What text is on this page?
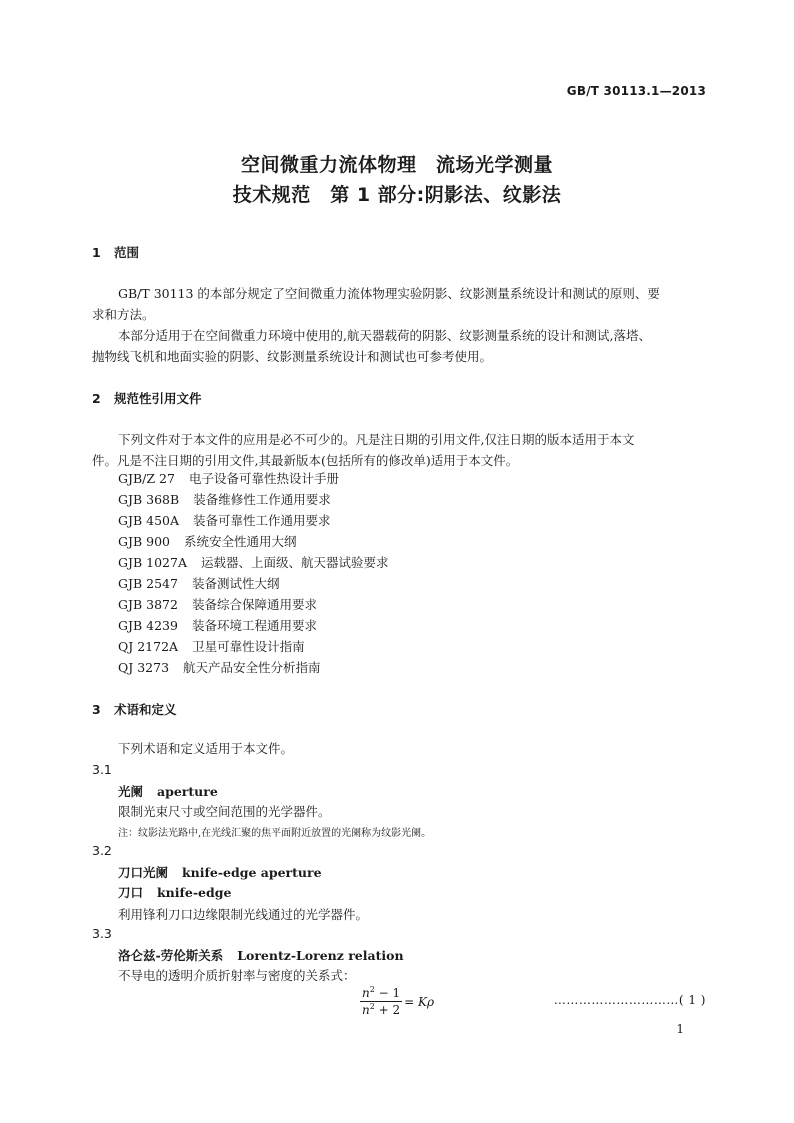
GB/T 30113.1—2013
空间微重力流体物理　流场光学测量
技术规范　第 1 部分:阴影法、纹影法
1 范围
GB/T 30113 的本部分规定了空间微重力流体物理实验阴影、纹影测量系统设计和测试的原则、要
求和方法。
本部分适用于在空间微重力环境中使用的,航天器载荷的阴影、纹影测量系统的设计和测试,落塔、
抛物线飞机和地面实验的阴影、纹影测量系统设计和测试也可参考使用。
2 规范性引用文件
下列文件对于本文件的应用是必不可少的。凡是注日期的引用文件,仅注日期的版本适用于本文
件。凡是不注日期的引用文件,其最新版本(包括所有的修改单)适用于本文件。
GJB/Z 27 电子设备可靠性热设计手册
GJB 368B 装备维修性工作通用要求
GJB 450A 装备可靠性工作通用要求
GJB 900 系统安全性通用大纲
GJB 1027A 运载器、上面级、航天器试验要求
GJB 2547 装备测试性大纲
GJB 3872 装备综合保障通用要求
GJB 4239 装备环境工程通用要求
QJ 2172A 卫星可靠性设计指南
QJ 3273 航天产品安全性分析指南
3 术语和定义
下列术语和定义适用于本文件。
3.1
光阑 aperture
限制光束尺寸或空间范围的光学器件。
注：纹影法光路中,在光线汇聚的焦平面附近放置的光阑称为纹影光阑。
3.2
刀口光阑 knife-edge aperture
刀口 knife-edge
利用锋利刀口边缘限制光线通过的光学器件。
3.3
洛仑兹-劳伦斯关系 Lorentz-Lorenz relation
不导电的透明介质折射率与密度的关系式：
$\frac{n^2 - 1}{n^2 + 2} = K\rho$	…………………………( 1 )
1
